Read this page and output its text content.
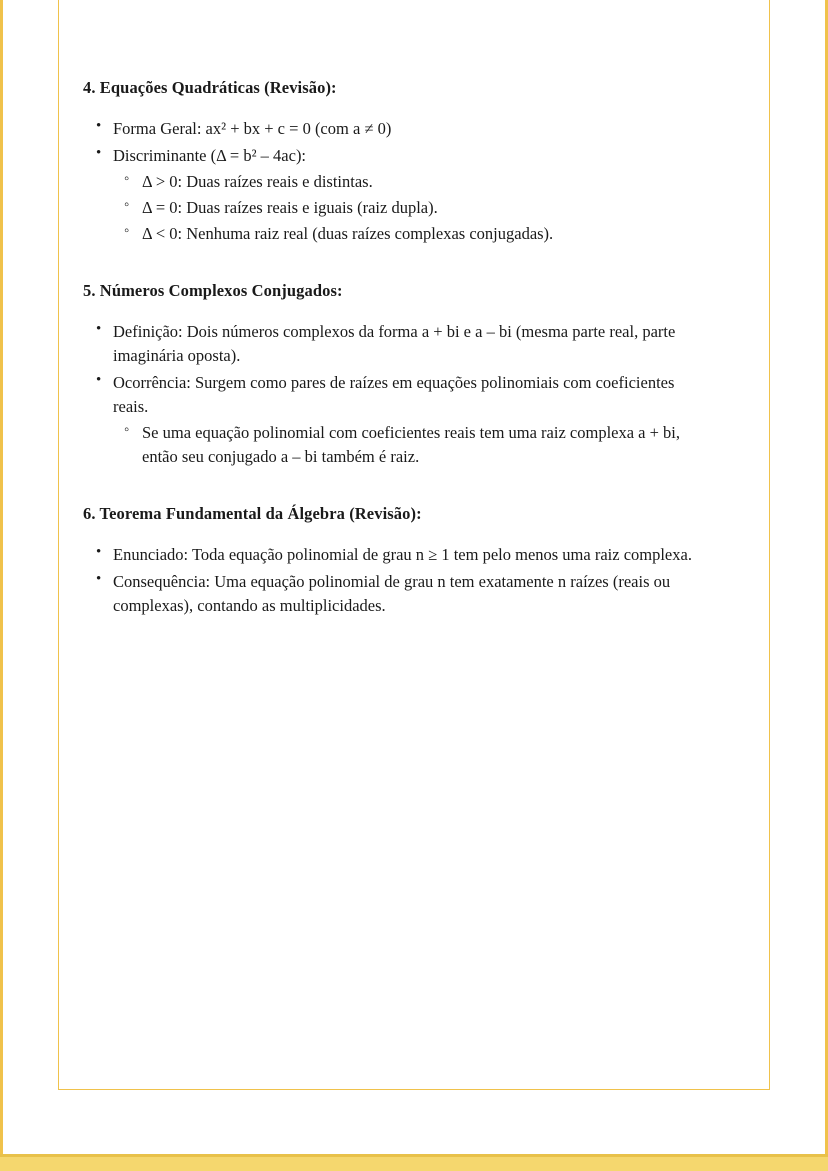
4. Equações Quadráticas (Revisão):
• Forma Geral: ax² + bx + c = 0 (com a ≠ 0)
• Discriminante (Δ = b² – 4ac):
◦ Δ > 0: Duas raízes reais e distintas.
◦ Δ = 0: Duas raízes reais e iguais (raiz dupla).
◦ Δ < 0: Nenhuma raiz real (duas raízes complexas conjugadas).
5. Números Complexos Conjugados:
• Definição: Dois números complexos da forma a + bi e a – bi (mesma parte real, parte imaginária oposta).
• Ocorrência: Surgem como pares de raízes em equações polinomiais com coeficientes reais.
◦ Se uma equação polinomial com coeficientes reais tem uma raiz complexa a + bi, então seu conjugado a – bi também é raiz.
6. Teorema Fundamental da Álgebra (Revisão):
• Enunciado: Toda equação polinomial de grau n ≥ 1 tem pelo menos uma raiz complexa.
• Consequência: Uma equação polinomial de grau n tem exatamente n raízes (reais ou complexas), contando as multiplicidades.
